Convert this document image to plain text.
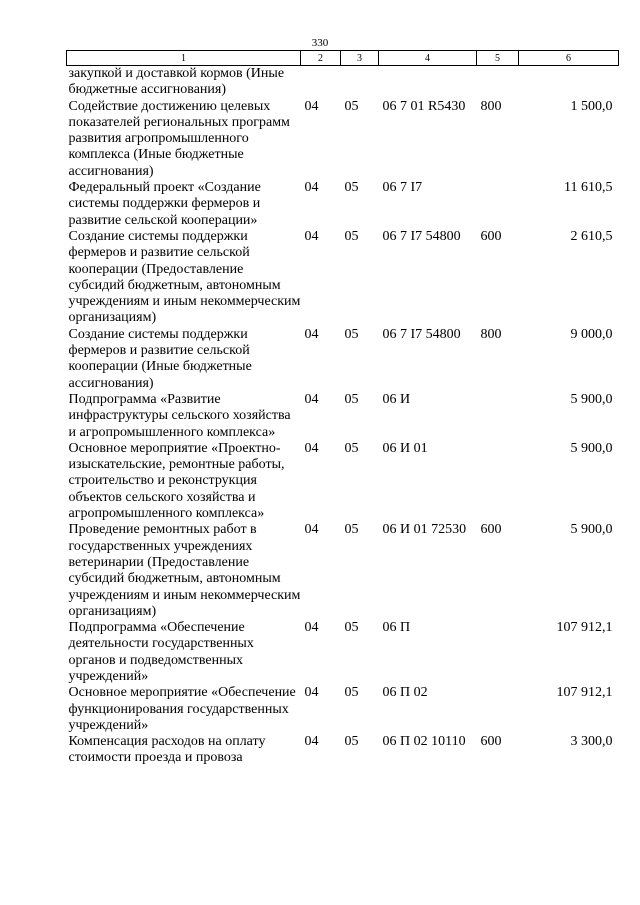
330
1	2	3	4	5	6
закупкой и доставкой кормов (Иные бюджетные ассигнования)					
Содействие достижению целевых показателей региональных программ развития агропромышленного комплекса (Иные бюджетные ассигнования)	04	05	06 7 01 R5430	800	1 500,0
Федеральный проект «Создание системы поддержки фермеров и развитие сельской кооперации»	04	05	06 7 I7		11 610,5
Создание системы поддержки фермеров и развитие сельской кооперации (Предоставление субсидий бюджетным, автономным учреждениям и иным некоммерческим организациям)	04	05	06 7 I7 54800	600	2 610,5
Создание системы поддержки фермеров и развитие сельской кооперации (Иные бюджетные ассигнования)	04	05	06 7 I7 54800	800	9 000,0
Подпрограмма «Развитие инфраструктуры сельского хозяйства и агропромышленного комплекса»	04	05	06 И		5 900,0
Основное мероприятие «Проектно-изыскательские, ремонтные работы, строительство и реконструкция объектов сельского хозяйства и агропромышленного комплекса»	04	05	06 И 01		5 900,0
Проведение ремонтных работ в государственных учреждениях ветеринарии (Предоставление субсидий бюджетным, автономным учреждениям и иным некоммерческим организациям)	04	05	06 И 01 72530	600	5 900,0
Подпрограмма «Обеспечение деятельности государственных органов и подведомственных учреждений»	04	05	06 П		107 912,1
Основное мероприятие «Обеспечение функционирования государственных учреждений»	04	05	06 П 02		107 912,1
Компенсация расходов на оплату стоимости проезда и провоза	04	05	06 П 02 10110	600	3 300,0
